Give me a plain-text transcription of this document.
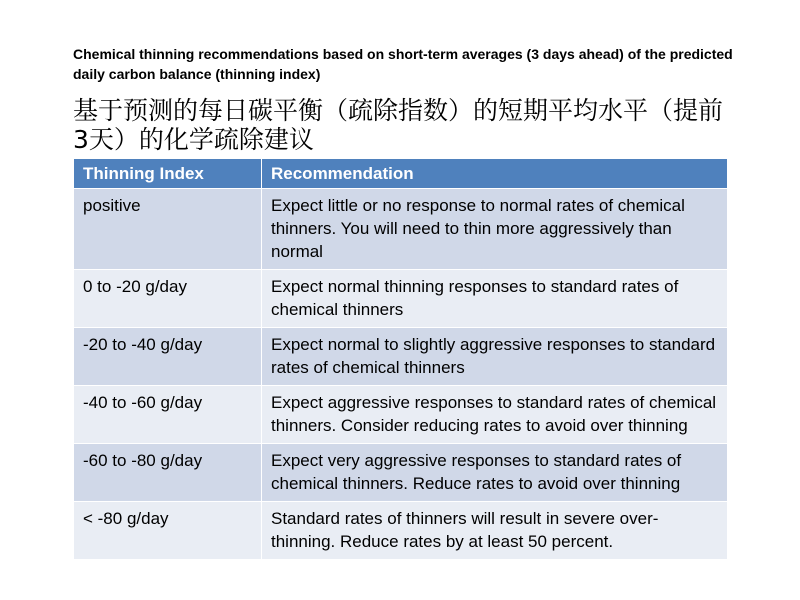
Chemical thinning recommendations based on short-term averages (3 days ahead) of the predicted daily carbon balance (thinning index)
基于预测的每日碳平衡（疏除指数）的短期平均水平（提前3天）的化学疏除建议
Thinning Index	Recommendation
positive	Expect little or no response to normal rates of chemical thinners. You will need to thin more aggressively than normal
0 to -20 g/day	Expect normal thinning responses to standard rates of chemical thinners
-20 to -40 g/day	Expect normal to slightly aggressive responses to standard rates of chemical thinners
-40 to -60 g/day	Expect aggressive responses to standard rates of chemical thinners. Consider reducing rates to avoid over thinning
-60 to -80 g/day	Expect very aggressive responses to standard rates of chemical thinners. Reduce rates to avoid over thinning
< -80 g/day	Standard rates of thinners will result in severe over-thinning. Reduce rates by at least 50 percent.
